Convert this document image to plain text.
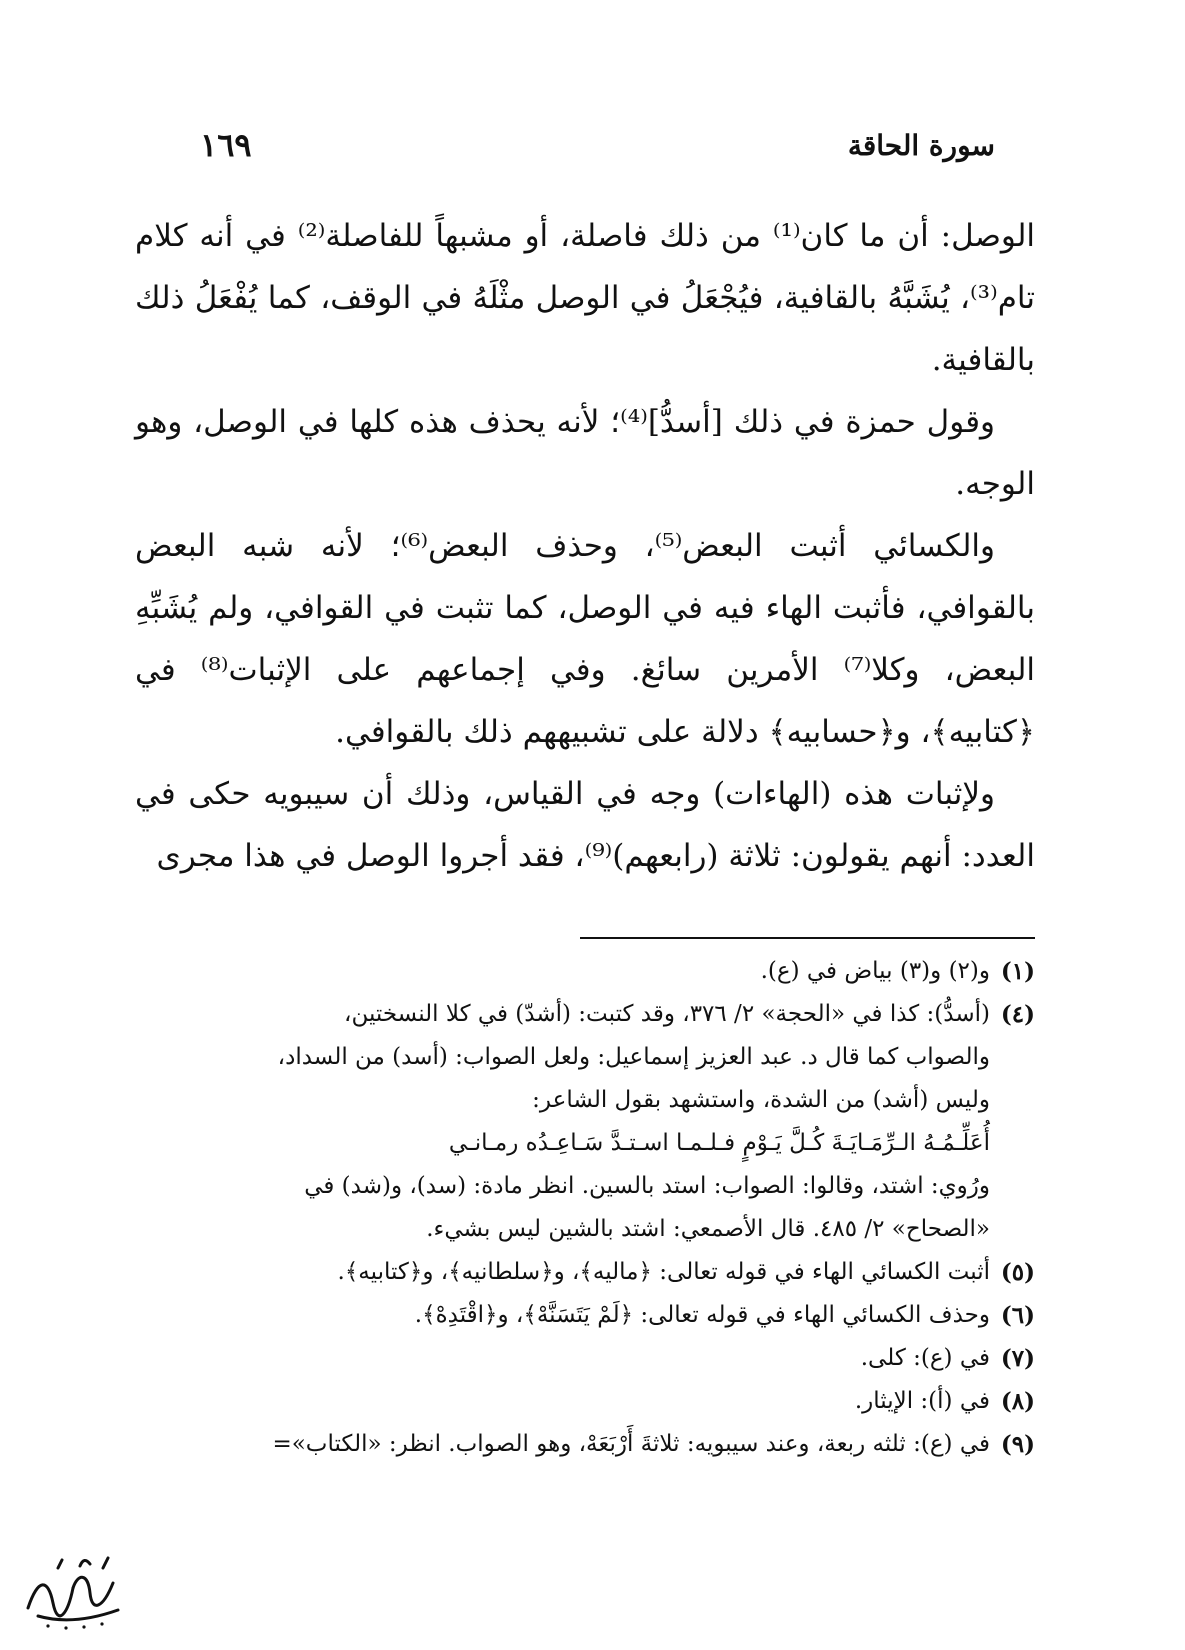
١٦٩	سورة الحاقة

الوصل: أن ما كان⁽¹⁾ من ذلك فاصلة، أو مشبهاً للفاصلة⁽²⁾ في أنه كلام تام⁽³⁾، يُشَبَّهُ بالقافية، فيُجْعَلُ في الوصل مثْلَهُ في الوقف، كما يُفْعَلُ ذلك بالقافية.

وقول حمزة في ذلك [أسدُّ]⁽⁴⁾؛ لأنه يحذف هذه كلها في الوصل، وهو الوجه.

والكسائي أثبت البعض⁽⁵⁾، وحذف البعض⁽⁶⁾؛ لأنه شبه البعض بالقوافي، فأثبت الهاء فيه في الوصل، كما تثبت في القوافي، ولم يُشَبِّهِ البعض، وكلا⁽⁷⁾ الأمرين سائغ. وفي إجماعهم على الإثبات⁽⁸⁾ في ﴿كتابيه﴾، و﴿حسابيه﴾ دلالة على تشبيههم ذلك بالقوافي.

ولإثبات هذه (الهاءات) وجه في القياس، وذلك أن سيبويه حكى في العدد: أنهم يقولون: ثلاثة (رابعهم)⁽⁹⁾، فقد أجروا الوصل في هذا مجرى

(١)
و(٢) و(٣) بياض في (ع).
(٤)
(أسدُّ): كذا في «الحجة» ٢/ ٣٧٦، وقد كتبت: (أشدّ) في كلا النسختين،
والصواب كما قال د. عبد العزيز إسماعيل: ولعل الصواب: (أسد) من السداد،
وليس (أشد) من الشدة، واستشهد بقول الشاعر:
أُعَلِّـمُـهُ الـرِّمَـايَـةَ كُـلَّ يَـوْمٍ فـلـمـا اسـتـدَّ سَـاعِـدُه رمـانـي
ورُوي: اشتد، وقالوا: الصواب: استد بالسين. انظر مادة: (سد)، و(شد) في
«الصحاح» ٢/ ٤٨٥. قال الأصمعي: اشتد بالشين ليس بشيء.
(٥)
أثبت الكسائي الهاء في قوله تعالى: ﴿ماليه﴾، و﴿سلطانيه﴾، و﴿كتابيه﴾.
(٦)
وحذف الكسائي الهاء في قوله تعالى: ﴿لَمْ يَتَسَنَّهْ﴾، و﴿اقْتَدِهْ﴾.
(٧)
في (ع): كلى.
(٨)
في (أ): الإيثار.
(٩)
في (ع): ثلثه ربعة، وعند سيبويه: ثلاثةَ أَرْبَعَهْ، وهو الصواب. انظر: «الكتاب»=
